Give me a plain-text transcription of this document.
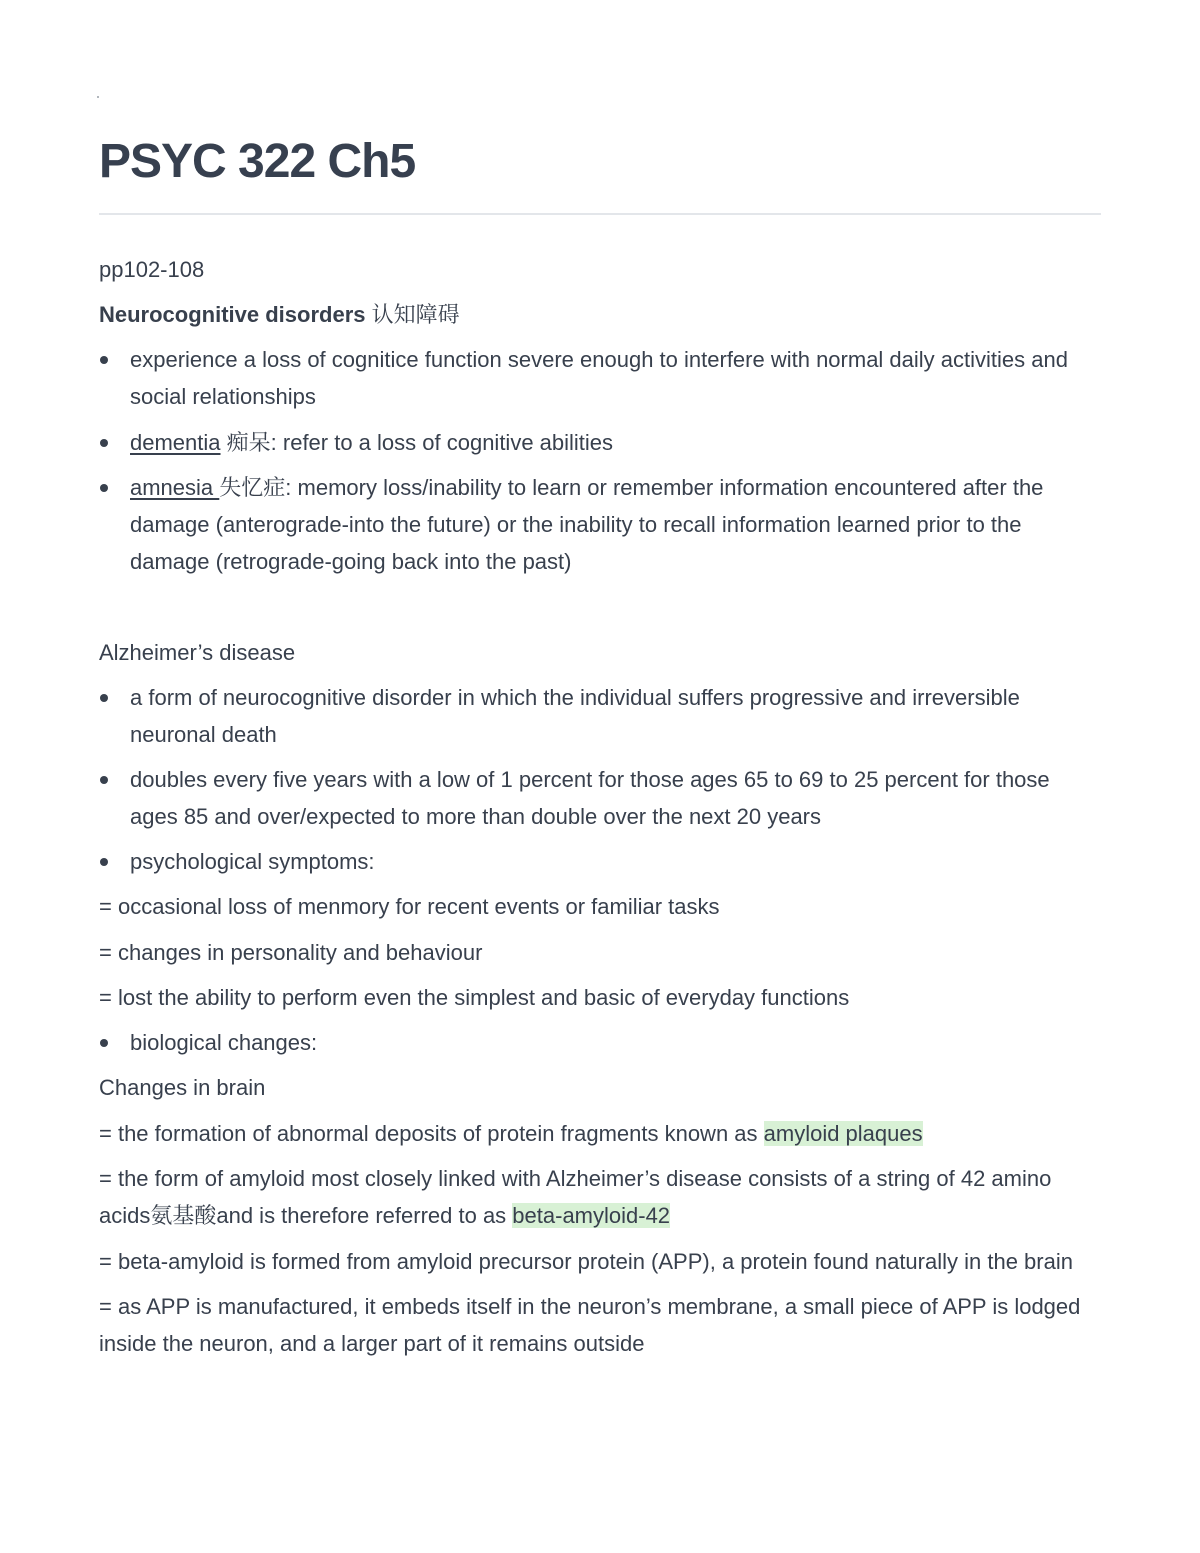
PSYC 322 Ch5

pp102-108

Neurocognitive disorders 认知障碍

experience a loss of cognitice function severe enough to interfere with normal daily activities and social relationships

dementia 痴呆: refer to a loss of cognitive abilities

amnesia 失忆症: memory loss/inability to learn or remember information encountered after the damage (anterograde-into the future) or the inability to recall information learned prior to the damage (retrograde-going back into the past)

Alzheimer’s disease

a form of neurocognitive disorder in which the individual suffers progressive and irreversible neuronal death

doubles every five years with a low of 1 percent for those ages 65 to 69 to 25 percent for those ages 85 and over/expected to more than double over the next 20 years

psychological symptoms:

= occasional loss of menmory for recent events or familiar tasks

= changes in personality and behaviour

= lost the ability to perform even the simplest and basic of everyday functions

biological changes:

Changes in brain

= the formation of abnormal deposits of protein fragments known as amyloid plaques

= the form of amyloid most closely linked with Alzheimer’s disease consists of a string of 42 amino acids氨基酸and is therefore referred to as beta-amyloid-42

= beta-amyloid is formed from amyloid precursor protein (APP), a protein found naturally in the brain

= as APP is manufactured, it embeds itself in the neuron’s membrane, a small piece of APP is lodged inside the neuron, and a larger part of it remains outside
